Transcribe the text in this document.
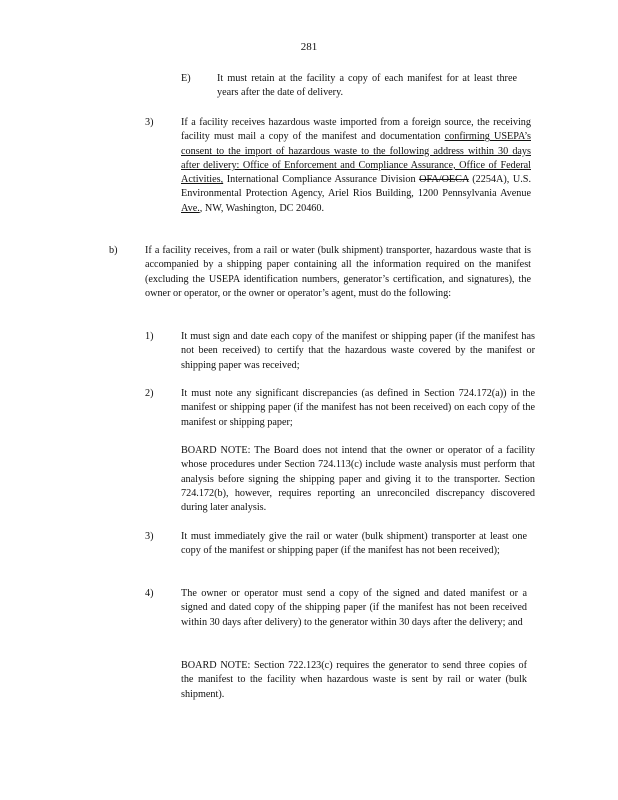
281
E)	It must retain at the facility a copy of each manifest for at least three years after the date of delivery.
3)	If a facility receives hazardous waste imported from a foreign source, the receiving facility must mail a copy of the manifest and documentation confirming USEPA’s consent to the import of hazardous waste to the following address within 30 days after delivery: Office of Enforcement and Compliance Assurance, Office of Federal Activities, International Compliance Assurance Division OFA/OECA (2254A), U.S. Environmental Protection Agency, Ariel Rios Building, 1200 Pennsylvania Avenue Ave., NW, Washington, DC 20460.
b)	If a facility receives, from a rail or water (bulk shipment) transporter, hazardous waste that is accompanied by a shipping paper containing all the information required on the manifest (excluding the USEPA identification numbers, generator’s certification, and signatures), the owner or operator, or the owner or operator’s agent, must do the following:
1)	It must sign and date each copy of the manifest or shipping paper (if the manifest has not been received) to certify that the hazardous waste covered by the manifest or shipping paper was received;
2)	It must note any significant discrepancies (as defined in Section 724.172(a)) in the manifest or shipping paper (if the manifest has not been received) on each copy of the manifest or shipping paper;
BOARD NOTE: The Board does not intend that the owner or operator of a facility whose procedures under Section 724.113(c) include waste analysis must perform that analysis before signing the shipping paper and giving it to the transporter. Section 724.172(b), however, requires reporting an unreconciled discrepancy discovered during later analysis.
3)	It must immediately give the rail or water (bulk shipment) transporter at least one copy of the manifest or shipping paper (if the manifest has not been received);
4)	The owner or operator must send a copy of the signed and dated manifest or a signed and dated copy of the shipping paper (if the manifest has not been received within 30 days after delivery) to the generator within 30 days after the delivery; and
BOARD NOTE: Section 722.123(c) requires the generator to send three copies of the manifest to the facility when hazardous waste is sent by rail or water (bulk shipment).
